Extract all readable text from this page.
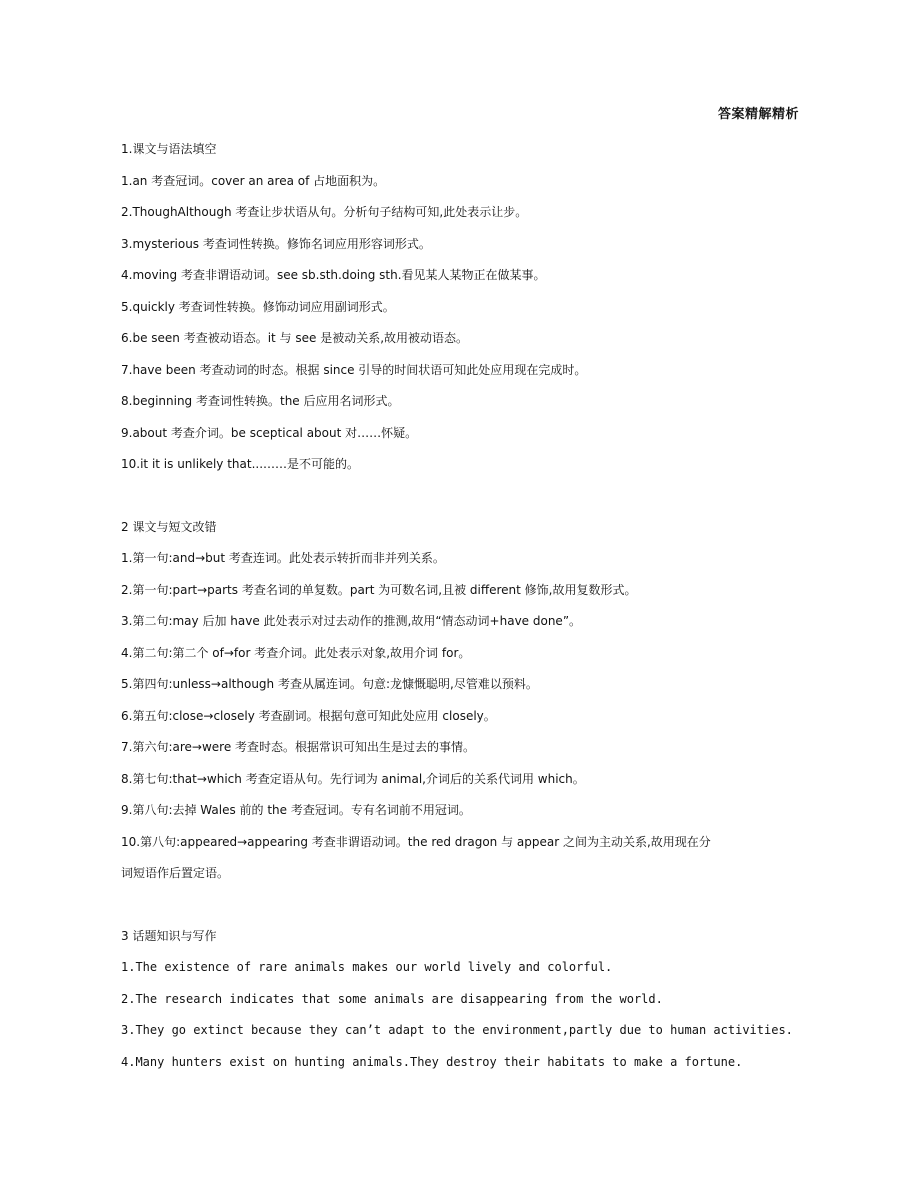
答案精解精析
1.课文与语法填空
1.an 考查冠词。cover an area of 占地面积为。
2.ThoughAlthough 考查让步状语从句。分析句子结构可知,此处表示让步。
3.mysterious 考查词性转换。修饰名词应用形容词形式。
4.moving 考查非谓语动词。see sb.sth.doing sth.看见某人某物正在做某事。
5.quickly 考查词性转换。修饰动词应用副词形式。
6.be seen 考查被动语态。it 与 see 是被动关系,故用被动语态。
7.have been 考查动词的时态。根据 since 引导的时间状语可知此处应用现在完成时。
8.beginning 考查词性转换。the 后应用名词形式。
9.about 考查介词。be sceptical about 对……怀疑。
10.it it is unlikely that...……是不可能的。
2 课文与短文改错
1.第一句:and→but 考查连词。此处表示转折而非并列关系。
2.第一句:part→parts 考查名词的单复数。part 为可数名词,且被 different 修饰,故用复数形式。
3.第二句:may 后加 have 此处表示对过去动作的推测,故用“情态动词+have done”。
4.第二句:第二个 of→for 考查介词。此处表示对象,故用介词 for。
5.第四句:unless→although 考查从属连词。句意:龙慷慨聪明,尽管难以预料。
6.第五句:close→closely 考查副词。根据句意可知此处应用 closely。
7.第六句:are→were 考查时态。根据常识可知出生是过去的事情。
8.第七句:that→which 考查定语从句。先行词为 animal,介词后的关系代词用 which。
9.第八句:去掉 Wales 前的 the 考查冠词。专有名词前不用冠词。
10.第八句:appeared→appearing 考查非谓语动词。the red dragon 与 appear 之间为主动关系,故用现在分
词短语作后置定语。
3 话题知识与写作
1.The existence of rare animals makes our world lively and colorful.
2.The research indicates that some animals are disappearing from the world.
3.They go extinct because they can’t adapt to the environment,partly due to human activities.
4.Many hunters exist on hunting animals.They destroy their habitats to make a fortune.
